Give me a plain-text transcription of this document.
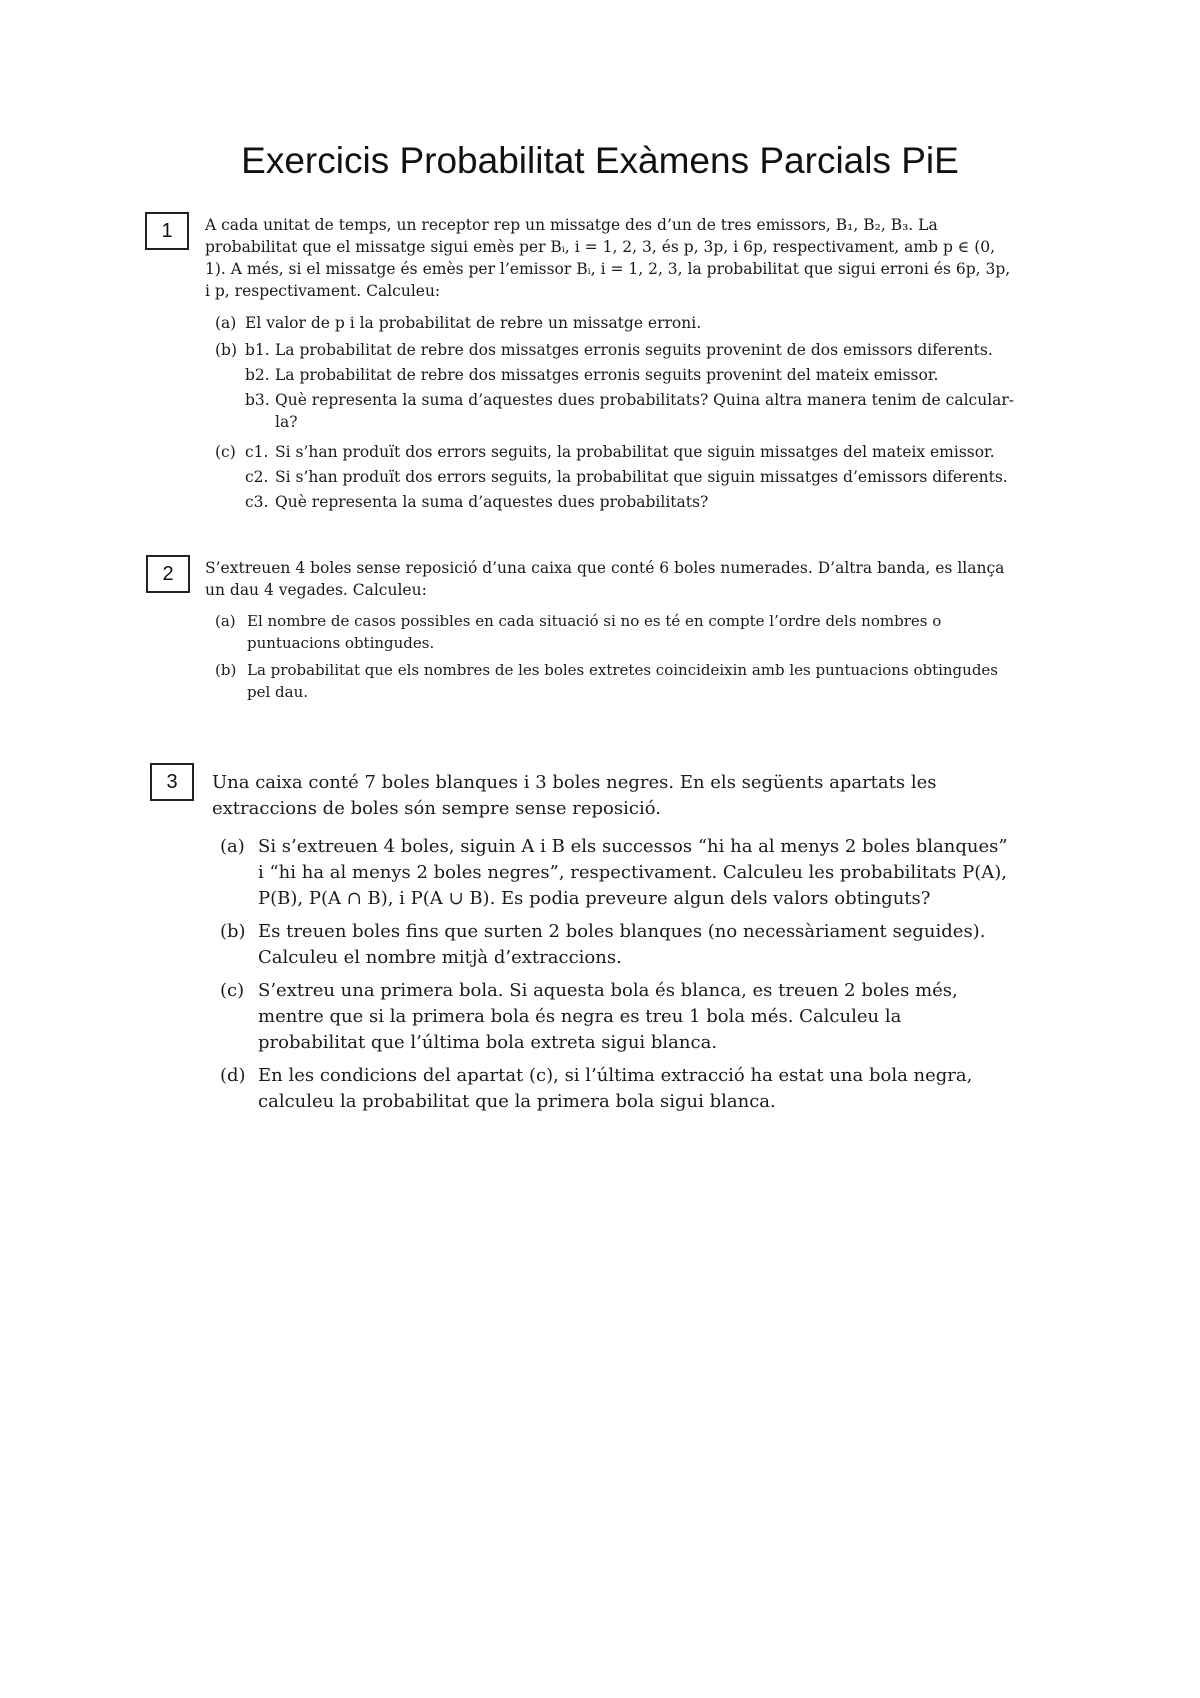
Exercicis Probabilitat Exàmens Parcials PiE
1
2
3

A cada unitat de temps, un receptor rep un missatge des d’un de tres emissors, B₁, B₂, B₃. La probabilitat que el missatge sigui emès per Bᵢ, i = 1, 2, 3, és p, 3p, i 6p, respectivament, amb p ∈ (0, 1). A més, si el missatge és emès per l’emissor Bᵢ, i = 1, 2, 3, la probabilitat que sigui erroni és 6p, 3p, i p, respectivament. Calculeu:

(a) El valor de p i la probabilitat de rebre un missatge erroni.
(b) b1. La probabilitat de rebre dos missatges erronis seguits provenint de dos emissors diferents.
b2. La probabilitat de rebre dos missatges erronis seguits provenint del mateix emissor.
b3. Què representa la suma d’aquestes dues probabilitats? Quina altra manera tenim de calcular-la?
(c) c1. Si s’han produït dos errors seguits, la probabilitat que siguin missatges del mateix emissor.
c2. Si s’han produït dos errors seguits, la probabilitat que siguin missatges d’emissors diferents.
c3. Què representa la suma d’aquestes dues probabilitats?

S’extreuen 4 boles sense reposició d’una caixa que conté 6 boles numerades. D’altra banda, es llança un dau 4 vegades. Calculeu:

(a) El nombre de casos possibles en cada situació si no es té en compte l’ordre dels nombres o puntuacions obtingudes.
(b) La probabilitat que els nombres de les boles extretes coincideixin amb les puntuacions obtingudes pel dau.

Una caixa conté 7 boles blanques i 3 boles negres. En els següents apartats les extraccions de boles són sempre sense reposició.

(a) Si s’extreuen 4 boles, siguin A i B els successos “hi ha al menys 2 boles blanques” i “hi ha al menys 2 boles negres”, respectivament. Calculeu les probabilitats P(A), P(B), P(A ∩ B), i P(A ∪ B). Es podia preveure algun dels valors obtinguts?
(b) Es treuen boles fins que surten 2 boles blanques (no necessàriament seguides). Calculeu el nombre mitjà d’extraccions.
(c) S’extreu una primera bola. Si aquesta bola és blanca, es treuen 2 boles més, mentre que si la primera bola és negra es treu 1 bola més. Calculeu la probabilitat que l’última bola extreta sigui blanca.
(d) En les condicions del apartat (c), si l’última extracció ha estat una bola negra, calculeu la probabilitat que la primera bola sigui blanca.
